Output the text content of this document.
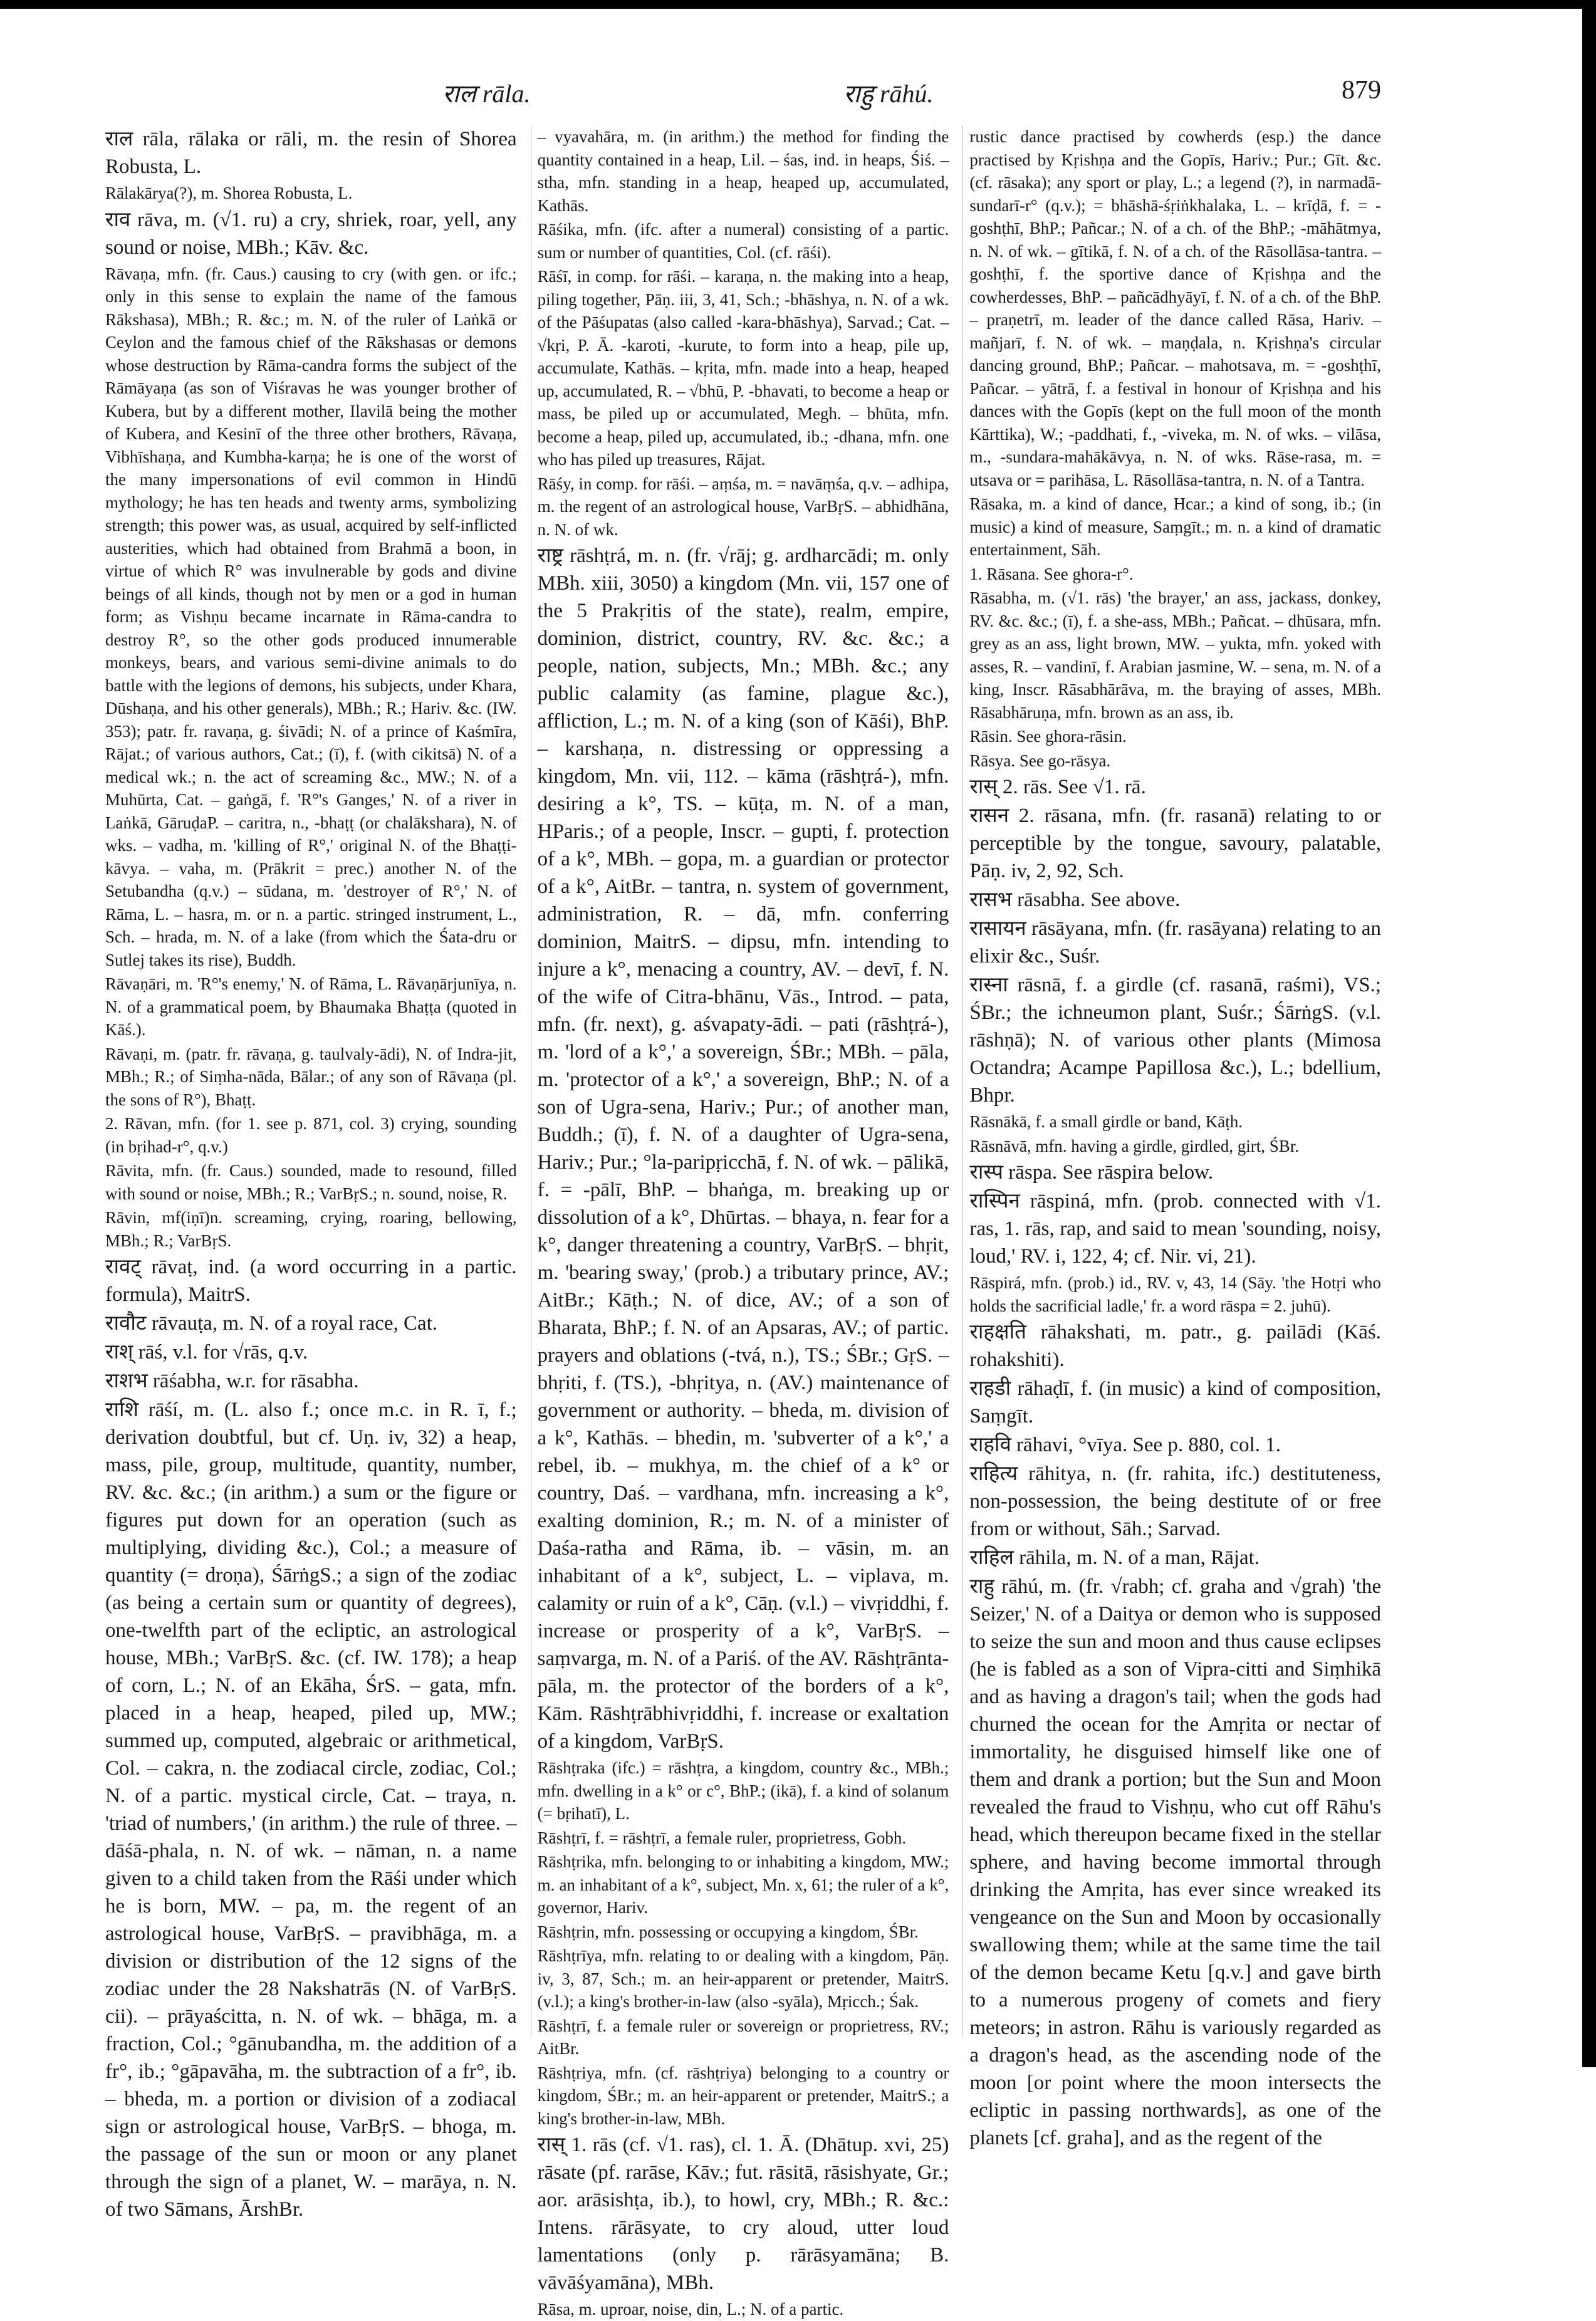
राल rāla.	राहु rāhú.	879

राल rāla, rālaka or rāli, m. the resin of Shorea Robusta, L.

Rālakārya(?), m. Shorea Robusta, L.

राव rāva, m. (√1. ru) a cry, shriek, roar, yell, any sound or noise, MBh.; Kāv. &c.

Rāvaṇa, mfn. (fr. Caus.) causing to cry (with gen. or ifc.; only in this sense to explain the name of the famous Rākshasa), MBh.; R. &c.; m. N. of the ruler of Laṅkā or Ceylon and the famous chief of the Rākshasas or demons whose destruction by Rāma-candra forms the subject of the Rāmāyaṇa (as son of Viśravas he was younger brother of Kubera, but by a different mother, Ilavilā being the mother of Kubera, and Kesinī of the three other brothers, Rāvaṇa, Vibhīshaṇa, and Kumbha-karṇa; he is one of the worst of the many impersonations of evil common in Hindū mythology; he has ten heads and twenty arms, symbolizing strength; this power was, as usual, acquired by self-inflicted austerities, which had obtained from Brahmā a boon, in virtue of which R° was invulnerable by gods and divine beings of all kinds, though not by men or a god in human form; as Vishṇu became incarnate in Rāma-candra to destroy R°, so the other gods produced innumerable monkeys, bears, and various semi-divine animals to do battle with the legions of demons, his subjects, under Khara, Dūshaṇa, and his other generals), MBh.; R.; Hariv. &c. (IW. 353); patr. fr. ravaṇa, g. śivādi; N. of a prince of Kaśmīra, Rājat.; of various authors, Cat.; (ī), f. (with cikitsā) N. of a medical wk.; n. the act of screaming &c., MW.; N. of a Muhūrta, Cat. – gaṅgā, f. 'R°'s Ganges,' N. of a river in Laṅkā, GāruḍaP. – caritra, n., -bhaṭṭ (or chalākshara), N. of wks. – vadha, m. 'killing of R°,' original N. of the Bhaṭṭi-kāvya. – vaha, m. (Prākrit = prec.) another N. of the Setubandha (q.v.) – sūdana, m. 'destroyer of R°,' N. of Rāma, L. – hasra, m. or n. a partic. stringed instrument, L., Sch. – hrada, m. N. of a lake (from which the Śata-dru or Sutlej takes its rise), Buddh.

Rāvaṇāri, m. 'R°'s enemy,' N. of Rāma, L. Rāvaṇārjunīya, n. N. of a grammatical poem, by Bhaumaka Bhaṭṭa (quoted in Kāś.).

Rāvaṇi, m. (patr. fr. rāvaṇa, g. taulvaly-ādi), N. of Indra-jit, MBh.; R.; of Siṃha-nāda, Bālar.; of any son of Rāvaṇa (pl. the sons of R°), Bhaṭṭ.

2. Rāvan, mfn. (for 1. see p. 871, col. 3) crying, sounding (in bṛihad-r°, q.v.)

Rāvita, mfn. (fr. Caus.) sounded, made to resound, filled with sound or noise, MBh.; R.; VarBṛS.; n. sound, noise, R.

Rāvin, mf(iṇī)n. screaming, crying, roaring, bellowing, MBh.; R.; VarBṛS.

रावट् rāvaṭ, ind. (a word occurring in a partic. formula), MaitrS.

रावौट rāvauṭa, m. N. of a royal race, Cat.

राश् rāś, v.l. for √rās, q.v.

राशभ rāśabha, w.r. for rāsabha.

राशि rāśí, m. (L. also f.; once m.c. in R. ī, f.; derivation doubtful, but cf. Uṇ. iv, 32) a heap, mass, pile, group, multitude, quantity, number, RV. &c. &c.; (in arithm.) a sum or the figure or figures put down for an operation (such as multiplying, dividing &c.), Col.; a measure of quantity (= droṇa), ŚārṅgS.; a sign of the zodiac (as being a certain sum or quantity of degrees), one-twelfth part of the ecliptic, an astrological house, MBh.; VarBṛS. &c. (cf. IW. 178); a heap of corn, L.; N. of an Ekāha, ŚrS. – gata, mfn. placed in a heap, heaped, piled up, MW.; summed up, computed, algebraic or arithmetical, Col. – cakra, n. the zodiacal circle, zodiac, Col.; N. of a partic. mystical circle, Cat. – traya, n. 'triad of numbers,' (in arithm.) the rule of three. – dāśā-phala, n. N. of wk. – nāman, n. a name given to a child taken from the Rāśi under which he is born, MW. – pa, m. the regent of an astrological house, VarBṛS. – pravibhāga, m. a division or distribution of the 12 signs of the zodiac under the 28 Nakshatrās (N. of VarBṛS. cii). – prāyaścitta, n. N. of wk. – bhāga, m. a fraction, Col.; °gānubandha, m. the addition of a fr°, ib.; °gāpavāha, m. the subtraction of a fr°, ib. – bheda, m. a portion or division of a zodiacal sign or astrological house, VarBṛS. – bhoga, m. the passage of the sun or moon or any planet through the sign of a planet, W. – marāya, n. N. of two Sāmans, ĀrshBr.

– vyavahāra, m. (in arithm.) the method for finding the quantity contained in a heap, Lil. – śas, ind. in heaps, Śiś. – stha, mfn. standing in a heap, heaped up, accumulated, Kathās.

Rāśika, mfn. (ifc. after a numeral) consisting of a partic. sum or number of quantities, Col. (cf. rāśi).

Rāśī, in comp. for rāśi. – karaṇa, n. the making into a heap, piling together, Pāṇ. iii, 3, 41, Sch.; -bhāshya, n. N. of a wk. of the Pāśupatas (also called -kara-bhāshya), Sarvad.; Cat. – √kṛi, P. Ā. -karoti, -kurute, to form into a heap, pile up, accumulate, Kathās. – kṛita, mfn. made into a heap, heaped up, accumulated, R. – √bhū, P. -bhavati, to become a heap or mass, be piled up or accumulated, Megh. – bhūta, mfn. become a heap, piled up, accumulated, ib.; -dhana, mfn. one who has piled up treasures, Rājat.

Rāśy, in comp. for rāśi. – aṃśa, m. = navāṃśa, q.v. – adhipa, m. the regent of an astrological house, VarBṛS. – abhidhāna, n. N. of wk.

राष्ट्र rāshṭrá, m. n. (fr. √rāj; g. ardharcādi; m. only MBh. xiii, 3050) a kingdom (Mn. vii, 157 one of the 5 Prakṛitis of the state), realm, empire, dominion, district, country, RV. &c. &c.; a people, nation, subjects, Mn.; MBh. &c.; any public calamity (as famine, plague &c.), affliction, L.; m. N. of a king (son of Kāśi), BhP. – karshaṇa, n. distressing or oppressing a kingdom, Mn. vii, 112. – kāma (rāshṭrá-), mfn. desiring a k°, TS. – kūṭa, m. N. of a man, HParis.; of a people, Inscr. – gupti, f. protection of a k°, MBh. – gopa, m. a guardian or protector of a k°, AitBr. – tantra, n. system of government, administration, R. – dā, mfn. conferring dominion, MaitrS. – dipsu, mfn. intending to injure a k°, menacing a country, AV. – devī, f. N. of the wife of Citra-bhānu, Vās., Introd. – pata, mfn. (fr. next), g. aśvapaty-ādi. – pati (rāshṭrá-), m. 'lord of a k°,' a sovereign, ŚBr.; MBh. – pāla, m. 'protector of a k°,' a sovereign, BhP.; N. of a son of Ugra-sena, Hariv.; Pur.; of another man, Buddh.; (ī), f. N. of a daughter of Ugra-sena, Hariv.; Pur.; °la-paripṛicchā, f. N. of wk. – pālikā, f. = -pālī, BhP. – bhaṅga, m. breaking up or dissolution of a k°, Dhūrtas. – bhaya, n. fear for a k°, danger threatening a country, VarBṛS. – bhṛit, m. 'bearing sway,' (prob.) a tributary prince, AV.; AitBr.; Kāṭh.; N. of dice, AV.; of a son of Bharata, BhP.; f. N. of an Apsaras, AV.; of partic. prayers and oblations (-tvá, n.), TS.; ŚBr.; GṛS. – bhṛiti, f. (TS.), -bhṛitya, n. (AV.) maintenance of government or authority. – bheda, m. division of a k°, Kathās. – bhedin, m. 'subverter of a k°,' a rebel, ib. – mukhya, m. the chief of a k° or country, Daś. – vardhana, mfn. increasing a k°, exalting dominion, R.; m. N. of a minister of Daśa-ratha and Rāma, ib. – vāsin, m. an inhabitant of a k°, subject, L. – viplava, m. calamity or ruin of a k°, Cāṇ. (v.l.) – vivṛiddhi, f. increase or prosperity of a k°, VarBṛS. – saṃvarga, m. N. of a Pariś. of the AV. Rāshṭrānta-pāla, m. the protector of the borders of a k°, Kām. Rāshṭrābhivṛiddhi, f. increase or exaltation of a kingdom, VarBṛS.

Rāshṭraka (ifc.) = rāshṭra, a kingdom, country &c., MBh.; mfn. dwelling in a k° or c°, BhP.; (ikā), f. a kind of solanum (= bṛihatī), L.

Rāshṭrī, f. = rāshṭrī, a female ruler, proprietress, Gobh.

Rāshṭrika, mfn. belonging to or inhabiting a kingdom, MW.; m. an inhabitant of a k°, subject, Mn. x, 61; the ruler of a k°, governor, Hariv.

Rāshṭrin, mfn. possessing or occupying a kingdom, ŚBr.

Rāshṭrīya, mfn. relating to or dealing with a kingdom, Pāṇ. iv, 3, 87, Sch.; m. an heir-apparent or pretender, MaitrS. (v.l.); a king's brother-in-law (also -syāla), Mṛicch.; Śak.

Rāshṭrī, f. a female ruler or sovereign or proprietress, RV.; AitBr.

Rāshṭriya, mfn. (cf. rāshṭriya) belonging to a country or kingdom, ŚBr.; m. an heir-apparent or pretender, MaitrS.; a king's brother-in-law, MBh.

रास् 1. rās (cf. √1. ras), cl. 1. Ā. (Dhātup. xvi, 25) rāsate (pf. rarāse, Kāv.; fut. rāsitā, rāsishyate, Gr.; aor. arāsishṭa, ib.), to howl, cry, MBh.; R. &c.: Intens. rārāsyate, to cry aloud, utter loud lamentations (only p. rārāsyamāna; B. vāvāśyamāna), MBh.

Rāsa, m. uproar, noise, din, L.; N. of a partic.

rustic dance practised by cowherds (esp.) the dance practised by Kṛishṇa and the Gopīs, Hariv.; Pur.; Gīt. &c. (cf. rāsaka); any sport or play, L.; a legend (?), in narmadā-sundarī-r° (q.v.); = bhāshā-śṛiṅkhalaka, L. – krīḍā, f. = -goshṭhī, BhP.; Pañcar.; N. of a ch. of the BhP.; -māhātmya, n. N. of wk. – gītikā, f. N. of a ch. of the Rāsollāsa-tantra. – goshṭhī, f. the sportive dance of Kṛishṇa and the cowherdesses, BhP. – pañcādhyāyī, f. N. of a ch. of the BhP. – praṇetrī, m. leader of the dance called Rāsa, Hariv. – mañjarī, f. N. of wk. – maṇḍala, n. Kṛishṇa's circular dancing ground, BhP.; Pañcar. – mahotsava, m. = -goshṭhī, Pañcar. – yātrā, f. a festival in honour of Kṛishṇa and his dances with the Gopīs (kept on the full moon of the month Kārttika), W.; -paddhati, f., -viveka, m. N. of wks. – vilāsa, m., -sundara-mahākāvya, n. N. of wks. Rāse-rasa, m. = utsava or = parihāsa, L. Rāsollāsa-tantra, n. N. of a Tantra.

Rāsaka, m. a kind of dance, Hcar.; a kind of song, ib.; (in music) a kind of measure, Saṃgīt.; m. n. a kind of dramatic entertainment, Sāh.

1. Rāsana. See ghora-r°.

Rāsabha, m. (√1. rās) 'the brayer,' an ass, jackass, donkey, RV. &c. &c.; (ī), f. a she-ass, MBh.; Pañcat. – dhūsara, mfn. grey as an ass, light brown, MW. – yukta, mfn. yoked with asses, R. – vandinī, f. Arabian jasmine, W. – sena, m. N. of a king, Inscr. Rāsabhārāva, m. the braying of asses, MBh. Rāsabhāruṇa, mfn. brown as an ass, ib.

Rāsin. See ghora-rāsin.

Rāsya. See go-rāsya.

रास् 2. rās. See √1. rā.

रासन 2. rāsana, mfn. (fr. rasanā) relating to or perceptible by the tongue, savoury, palatable, Pāṇ. iv, 2, 92, Sch.

रासभ rāsabha. See above.

रासायन rāsāyana, mfn. (fr. rasāyana) relating to an elixir &c., Suśr.

रास्ना rāsnā, f. a girdle (cf. rasanā, raśmi), VS.; ŚBr.; the ichneumon plant, Suśr.; ŚārṅgS. (v.l. rāshṇā); N. of various other plants (Mimosa Octandra; Acampe Papillosa &c.), L.; bdellium, Bhpr.

Rāsnākā, f. a small girdle or band, Kāṭh.

Rāsnāvā, mfn. having a girdle, girdled, girt, ŚBr.

रास्प rāspa. See rāspira below.

रास्पिन rāspiná, mfn. (prob. connected with √1. ras, 1. rās, rap, and said to mean 'sounding, noisy, loud,' RV. i, 122, 4; cf. Nir. vi, 21).

Rāspirá, mfn. (prob.) id., RV. v, 43, 14 (Sāy. 'the Hotṛi who holds the sacrificial ladle,' fr. a word rāspa = 2. juhū).

राहक्षति rāhakshati, m. patr., g. pailādi (Kāś. rohakshiti).

राहडी rāhaḍī, f. (in music) a kind of composition, Saṃgīt.

राहवि rāhavi, °vīya. See p. 880, col. 1.

राहित्य rāhitya, n. (fr. rahita, ifc.) destituteness, non-possession, the being destitute of or free from or without, Sāh.; Sarvad.

राहिल rāhila, m. N. of a man, Rājat.

राहु rāhú, m. (fr. √rabh; cf. graha and √grah) 'the Seizer,' N. of a Daitya or demon who is supposed to seize the sun and moon and thus cause eclipses (he is fabled as a son of Vipra-citti and Siṃhikā and as having a dragon's tail; when the gods had churned the ocean for the Amṛita or nectar of immortality, he disguised himself like one of them and drank a portion; but the Sun and Moon revealed the fraud to Vishṇu, who cut off Rāhu's head, which thereupon became fixed in the stellar sphere, and having become immortal through drinking the Amṛita, has ever since wreaked its vengeance on the Sun and Moon by occasionally swallowing them; while at the same time the tail of the demon became Ketu [q.v.] and gave birth to a numerous progeny of comets and fiery meteors; in astron. Rāhu is variously regarded as a dragon's head, as the ascending node of the moon [or point where the moon intersects the ecliptic in passing northwards], as one of the planets [cf. graha], and as the regent of the
